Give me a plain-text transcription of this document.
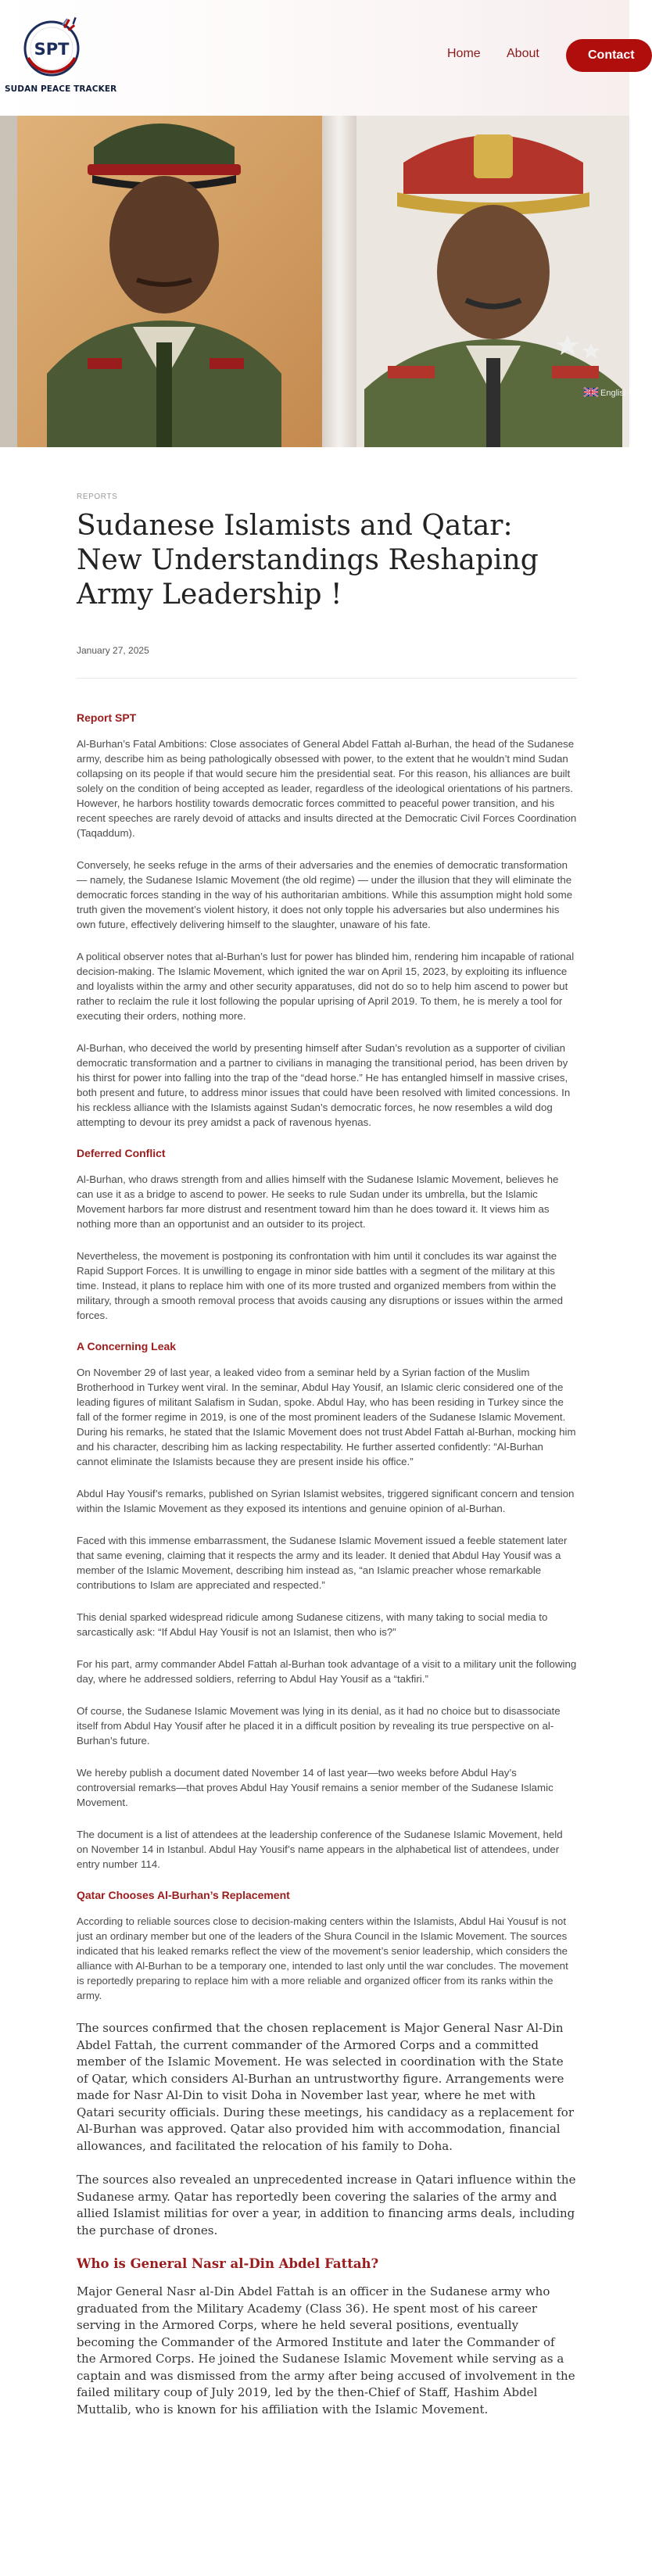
SPT
SUDAN PEACE TRACKER
Home About	Contact
English
REPORTS
Sudanese Islamists and Qatar: New Understandings Reshaping Army Leadership !
January 27, 2025
Report SPT

Al-Burhan’s Fatal Ambitions: Close associates of General Abdel Fattah al-Burhan, the head of the Sudanese army, describe him as being pathologically obsessed with power, to the extent that he wouldn’t mind Sudan collapsing on its people if that would secure him the presidential seat. For this reason, his alliances are built solely on the condition of being accepted as leader, regardless of the ideological orientations of his partners. However, he harbors hostility towards democratic forces committed to peaceful power transition, and his recent speeches are rarely devoid of attacks and insults directed at the Democratic Civil Forces Coordination (Taqaddum).

Conversely, he seeks refuge in the arms of their adversaries and the enemies of democratic transformation — namely, the Sudanese Islamic Movement (the old regime) — under the illusion that they will eliminate the democratic forces standing in the way of his authoritarian ambitions. While this assumption might hold some truth given the movement’s violent history, it does not only topple his adversaries but also undermines his own future, effectively delivering himself to the slaughter, unaware of his fate.

A political observer notes that al-Burhan’s lust for power has blinded him, rendering him incapable of rational decision-making. The Islamic Movement, which ignited the war on April 15, 2023, by exploiting its influence and loyalists within the army and other security apparatuses, did not do so to help him ascend to power but rather to reclaim the rule it lost following the popular uprising of April 2019. To them, he is merely a tool for executing their orders, nothing more.

Al-Burhan, who deceived the world by presenting himself after Sudan’s revolution as a supporter of civilian democratic transformation and a partner to civilians in managing the transitional period, has been driven by his thirst for power into falling into the trap of the “dead horse.” He has entangled himself in massive crises, both present and future, to address minor issues that could have been resolved with limited concessions. In his reckless alliance with the Islamists against Sudan’s democratic forces, he now resembles a wild dog attempting to devour its prey amidst a pack of ravenous hyenas.

Deferred Conflict

Al-Burhan, who draws strength from and allies himself with the Sudanese Islamic Movement, believes he can use it as a bridge to ascend to power. He seeks to rule Sudan under its umbrella, but the Islamic Movement harbors far more distrust and resentment toward him than he does toward it. It views him as nothing more than an opportunist and an outsider to its project.

Nevertheless, the movement is postponing its confrontation with him until it concludes its war against the Rapid Support Forces. It is unwilling to engage in minor side battles with a segment of the military at this time. Instead, it plans to replace him with one of its more trusted and organized members from within the military, through a smooth removal process that avoids causing any disruptions or issues within the armed forces.

A Concerning Leak

On November 29 of last year, a leaked video from a seminar held by a Syrian faction of the Muslim Brotherhood in Turkey went viral. In the seminar, Abdul Hay Yousif, an Islamic cleric considered one of the leading figures of militant Salafism in Sudan, spoke. Abdul Hay, who has been residing in Turkey since the fall of the former regime in 2019, is one of the most prominent leaders of the Sudanese Islamic Movement. During his remarks, he stated that the Islamic Movement does not trust Abdel Fattah al-Burhan, mocking him and his character, describing him as lacking respectability. He further asserted confidently: “Al-Burhan cannot eliminate the Islamists because they are present inside his office.”

Abdul Hay Yousif’s remarks, published on Syrian Islamist websites, triggered significant concern and tension within the Islamic Movement as they exposed its intentions and genuine opinion of al-Burhan.

Faced with this immense embarrassment, the Sudanese Islamic Movement issued a feeble statement later that same evening, claiming that it respects the army and its leader. It denied that Abdul Hay Yousif was a member of the Islamic Movement, describing him instead as, “an Islamic preacher whose remarkable contributions to Islam are appreciated and respected.”

This denial sparked widespread ridicule among Sudanese citizens, with many taking to social media to sarcastically ask: “If Abdul Hay Yousif is not an Islamist, then who is?”

For his part, army commander Abdel Fattah al-Burhan took advantage of a visit to a military unit the following day, where he addressed soldiers, referring to Abdul Hay Yousif as a “takfiri.”

Of course, the Sudanese Islamic Movement was lying in its denial, as it had no choice but to disassociate itself from Abdul Hay Yousif after he placed it in a difficult position by revealing its true perspective on al-Burhan’s future.

We hereby publish a document dated November 14 of last year—two weeks before Abdul Hay’s controversial remarks—that proves Abdul Hay Yousif remains a senior member of the Sudanese Islamic Movement.

The document is a list of attendees at the leadership conference of the Sudanese Islamic Movement, held on November 14 in Istanbul. Abdul Hay Yousif’s name appears in the alphabetical list of attendees, under entry number 114.

Qatar Chooses Al-Burhan’s Replacement

According to reliable sources close to decision-making centers within the Islamists, Abdul Hai Yousuf is not just an ordinary member but one of the leaders of the Shura Council in the Islamic Movement. The sources indicated that his leaked remarks reflect the view of the movement’s senior leadership, which considers the alliance with Al-Burhan to be a temporary one, intended to last only until the war concludes. The movement is reportedly preparing to replace him with a more reliable and organized officer from its ranks within the army.

The sources confirmed that the chosen replacement is Major General Nasr Al-Din Abdel Fattah, the current commander of the Armored Corps and a committed member of the Islamic Movement. He was selected in coordination with the State of Qatar, which considers Al-Burhan an untrustworthy figure. Arrangements were made for Nasr Al-Din to visit Doha in November last year, where he met with Qatari security officials. During these meetings, his candidacy as a replacement for Al-Burhan was approved. Qatar also provided him with accommodation, financial allowances, and facilitated the relocation of his family to Doha.

The sources also revealed an unprecedented increase in Qatari influence within the Sudanese army. Qatar has reportedly been covering the salaries of the army and allied Islamist militias for over a year, in addition to financing arms deals, including the purchase of drones.

Who is General Nasr al-Din Abdel Fattah?

Major General Nasr al-Din Abdel Fattah is an officer in the Sudanese army who graduated from the Military Academy (Class 36). He spent most of his career serving in the Armored Corps, where he held several positions, eventually becoming the Commander of the Armored Institute and later the Commander of the Armored Corps. He joined the Sudanese Islamic Movement while serving as a captain and was dismissed from the army after being accused of involvement in the failed military coup of July 2019, led by the then-Chief of Staff, Hashim Abdel Muttalib, who is known for his affiliation with the Islamic Movement.
